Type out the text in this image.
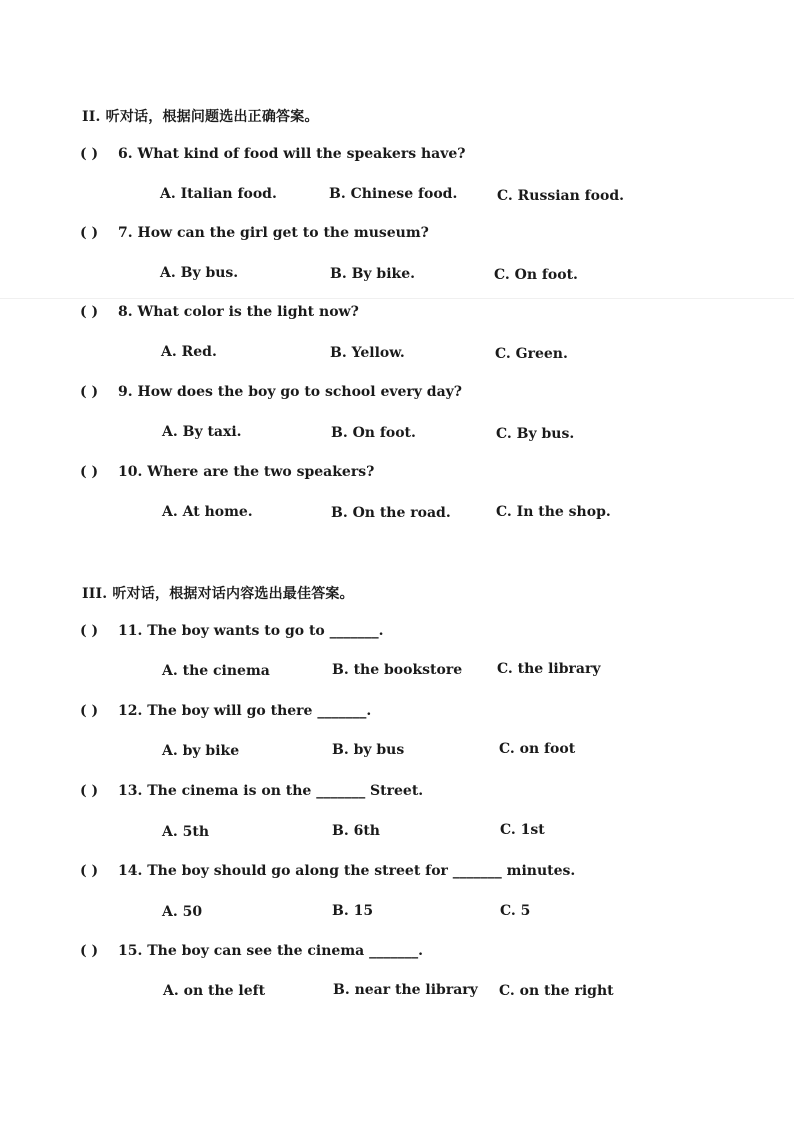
II. 听对话，根据问题选出正确答案。
( ) 6. What kind of food will the speakers have?
A. Italian food.	B. Chinese food.	C. Russian food.
( ) 7. How can the girl get to the museum?
A. By bus.	B. By bike.	C. On foot.
( ) 8. What color is the light now?
A. Red.	B. Yellow.	C. Green.
( ) 9. How does the boy go to school every day?
A. By taxi.	B. On foot.	C. By bus.
( ) 10. Where are the two speakers?
A. At home.	B. On the road.	C. In the shop.
III. 听对话，根据对话内容选出最佳答案。
( ) 11. The boy wants to go to _______.
A. the cinema	B. the bookstore C. the library
( ) 12. The boy will go there _______.
A. by bike	B. by bus	C. on foot
( ) 13. The cinema is on the _______ Street.
A. 5th	B. 6th	C. 1st
( ) 14. The boy should go along the street for _______ minutes.
A. 50	B. 15	C. 5
( ) 15. The boy can see the cinema _______.
A. on the left	B. near the library C. on the right
